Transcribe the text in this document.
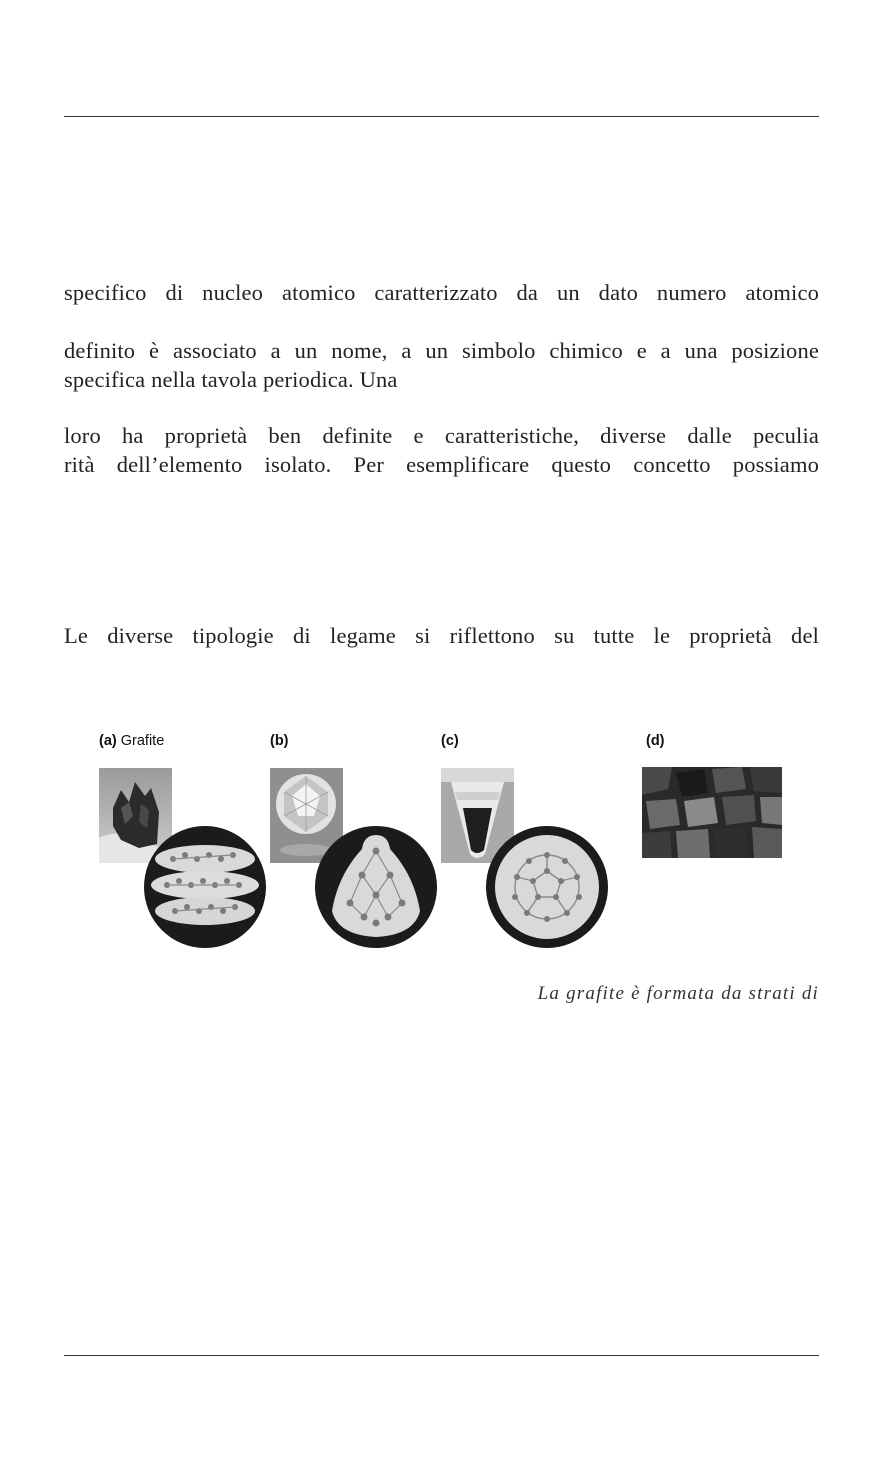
specifico di nucleo atomico caratterizzato da un dato numero atomico
definito è associato a un nome, a un simbolo chimico e a una posizione
specifica nella tavola periodica. Una
loro ha proprietà ben definite e caratteristiche, diverse dalle peculia
rità dell’elemento isolato. Per esemplificare questo concetto possiamo
Le diverse tipologie di legame si riflettono su tutte le proprietà del
(a) Grafite	(b)	(c)	(d)
La grafite è formata da strati di
